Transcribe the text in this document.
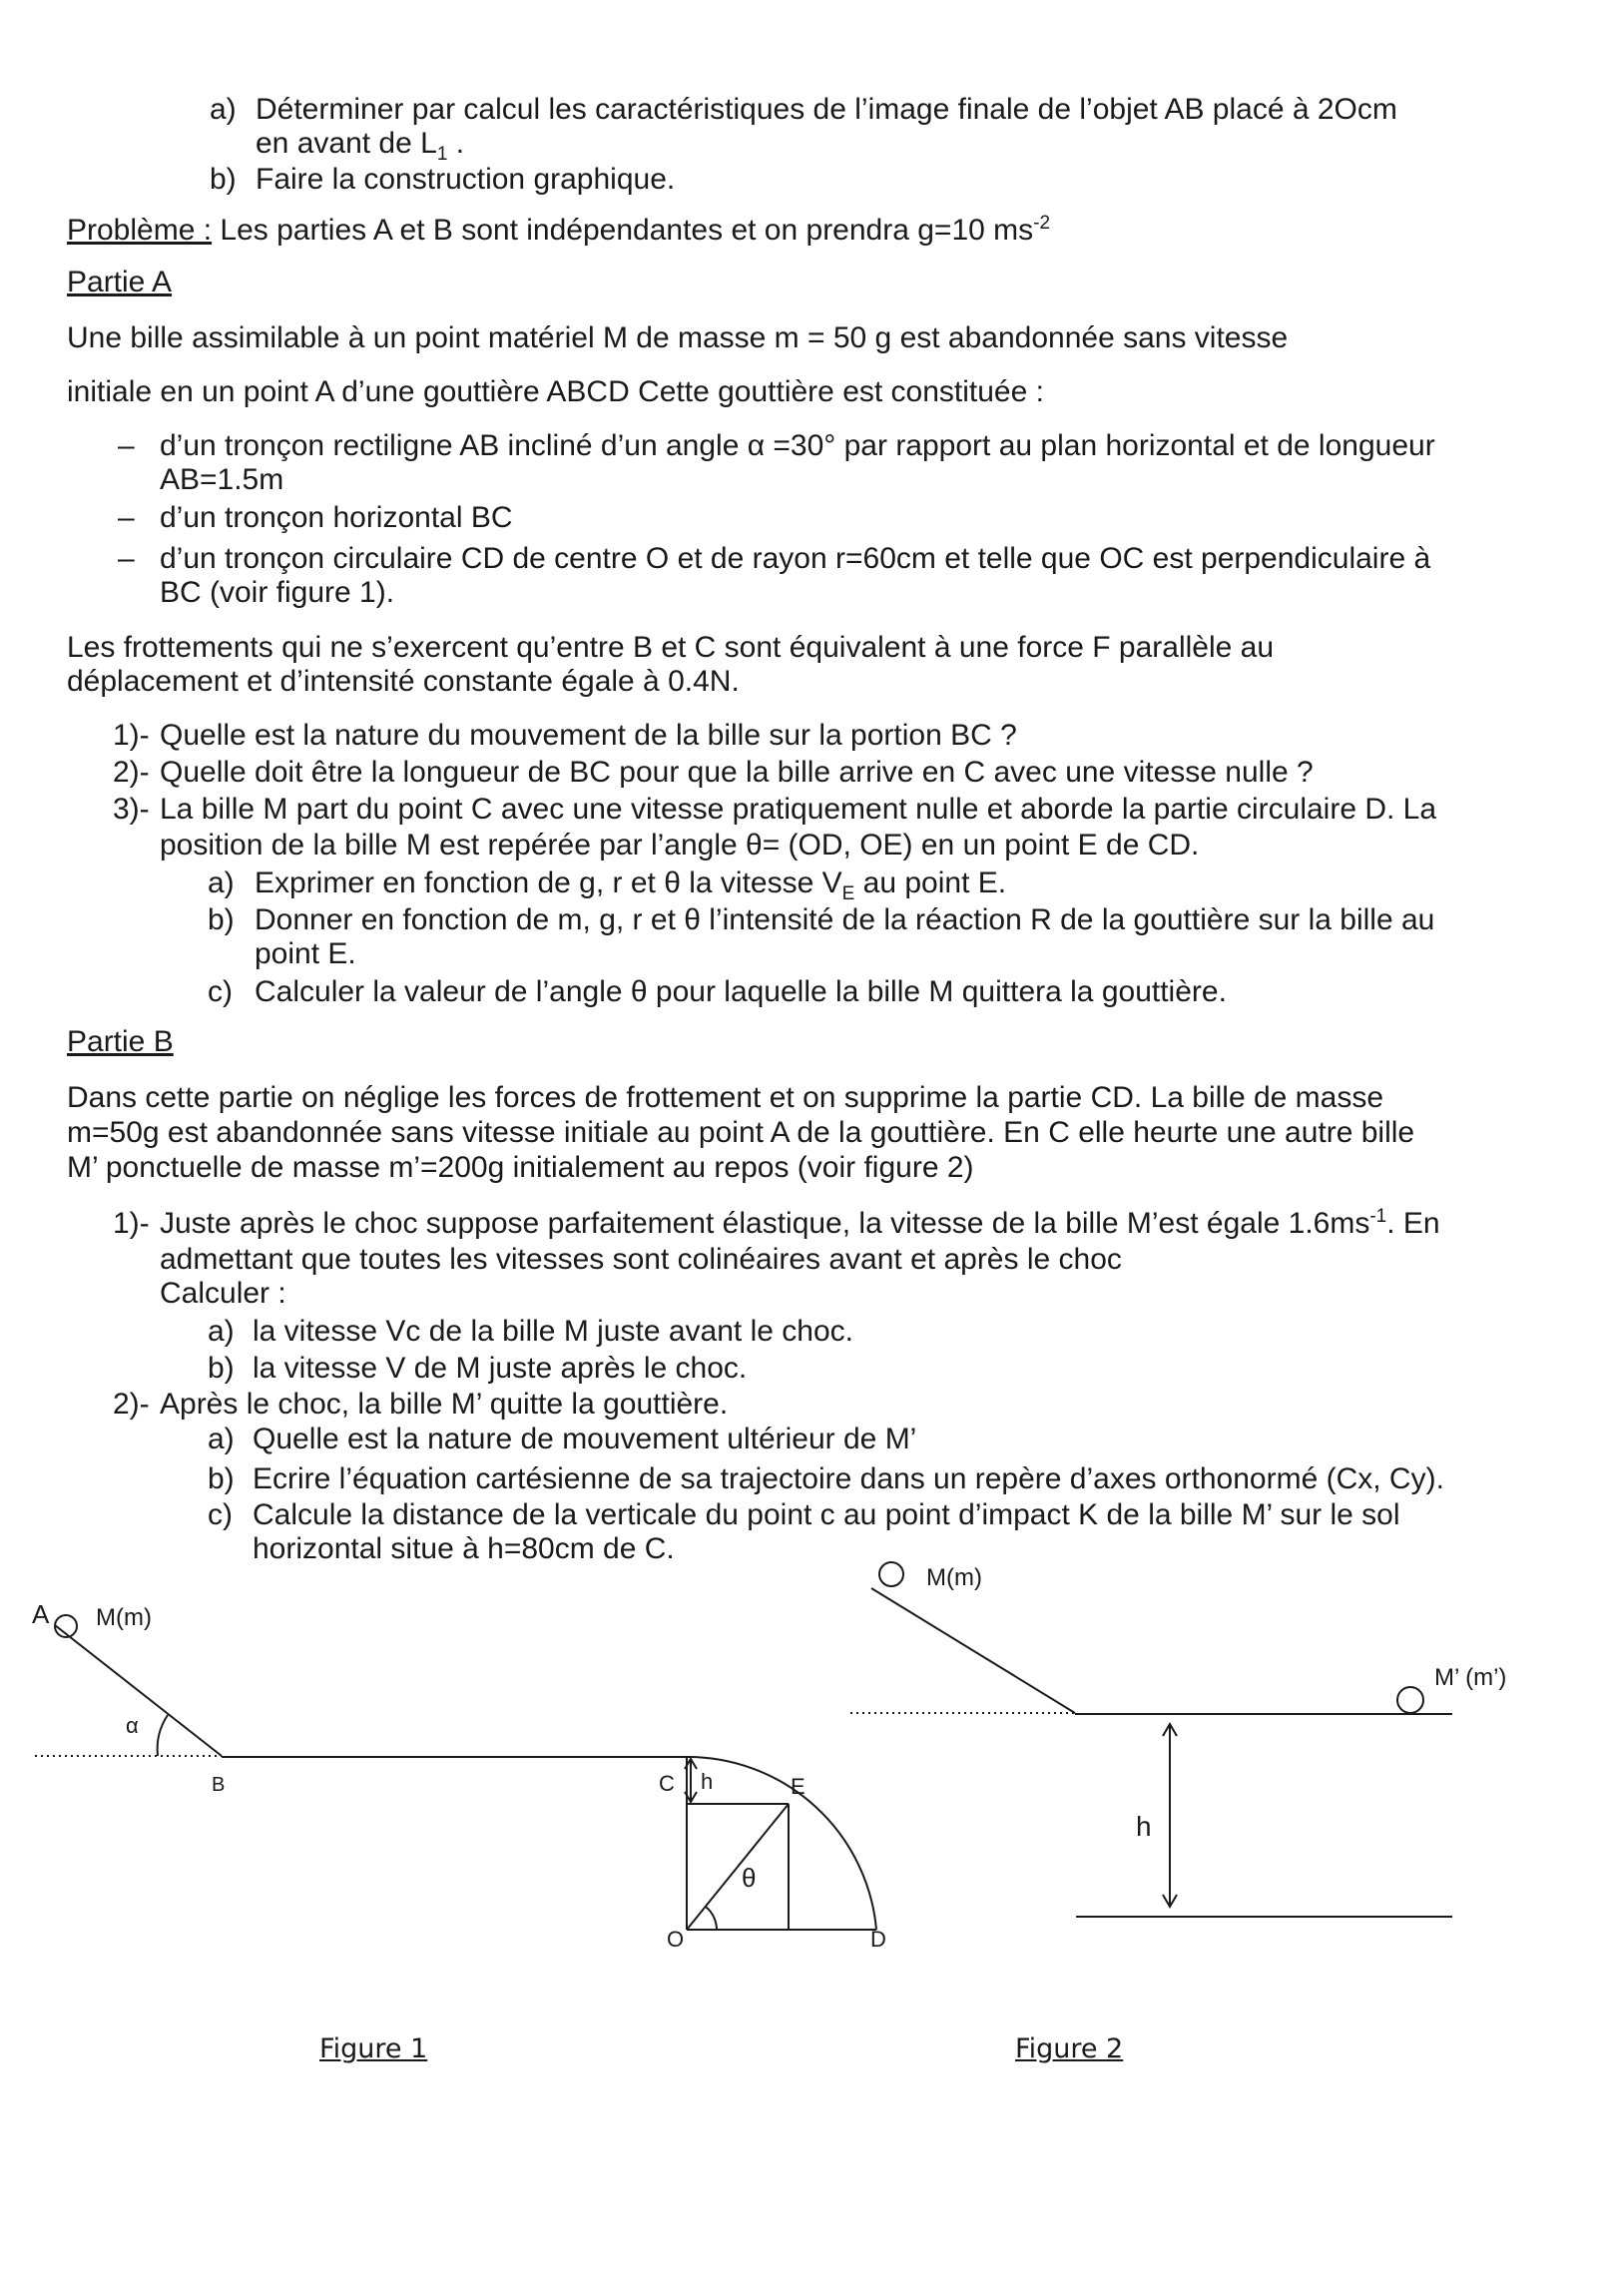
a) Déterminer par calcul les caractéristiques de l’image finale de l’objet AB placé à 2Ocm
en avant de $L_1$ .
b) Faire la construction graphique.
Problème : Les parties A et B sont indépendantes et on prendra g=10 $ms^{-2}$
Partie A
Une bille assimilable à un point matériel M de masse m = 50 g est abandonnée sans vitesse
initiale en un point A d’une gouttière ABCD Cette gouttière est constituée :
– d’un tronçon rectiligne AB incliné d’un angle α =30° par rapport au plan horizontal et de longueur
AB=1.5m
– d’un tronçon horizontal BC
– d’un tronçon circulaire CD de centre O et de rayon r=60cm et telle que OC est perpendiculaire à
BC (voir figure 1).
Les frottements qui ne s’exercent qu’entre B et C sont équivalent à une force F parallèle au
déplacement et d’intensité constante égale à 0.4N.
1)- Quelle est la nature du mouvement de la bille sur la portion BC ?
2)- Quelle doit être la longueur de BC pour que la bille arrive en C avec une vitesse nulle ?
3)- La bille M part du point C avec une vitesse pratiquement nulle et aborde la partie circulaire D. La
position de la bille M est repérée par l’angle θ= (OD, OE) en un point E de CD.
a) Exprimer en fonction de g, r et θ la vitesse $V_E$ au point E.
b) Donner en fonction de m, g, r et θ l’intensité de la réaction R de la gouttière sur la bille au
point E.
c) Calculer la valeur de l’angle θ pour laquelle la bille M quittera la gouttière.
Partie B
Dans cette partie on néglige les forces de frottement et on supprime la partie CD. La bille de masse
m=50g est abandonnée sans vitesse initiale au point A de la gouttière. En C elle heurte une autre bille
M’ ponctuelle de masse m’=200g initialement au repos (voir figure 2)
1)- Juste après le choc suppose parfaitement élastique, la vitesse de la bille M’est égale $1.6ms^{-1}$. En
admettant que toutes les vitesses sont colinéaires avant et après le choc
Calculer :
a) la vitesse Vc de la bille M juste avant le choc.
b) la vitesse V de M juste après le choc.
2)- Après le choc, la bille M’ quitte la gouttière.
a) Quelle est la nature de mouvement ultérieur de M’
b) Ecrire l’équation cartésienne de sa trajectoire dans un repère d’axes orthonormé (Cx, Cy).
c) Calcule la distance de la verticale du point c au point d’impact K de la bille M’ sur le sol
horizontal situe à h=80cm de C.
A M(m)
α
B	C h	E
θ
O	D
Figure 1
M(m)
M’ (m’)
h
Figure 2
